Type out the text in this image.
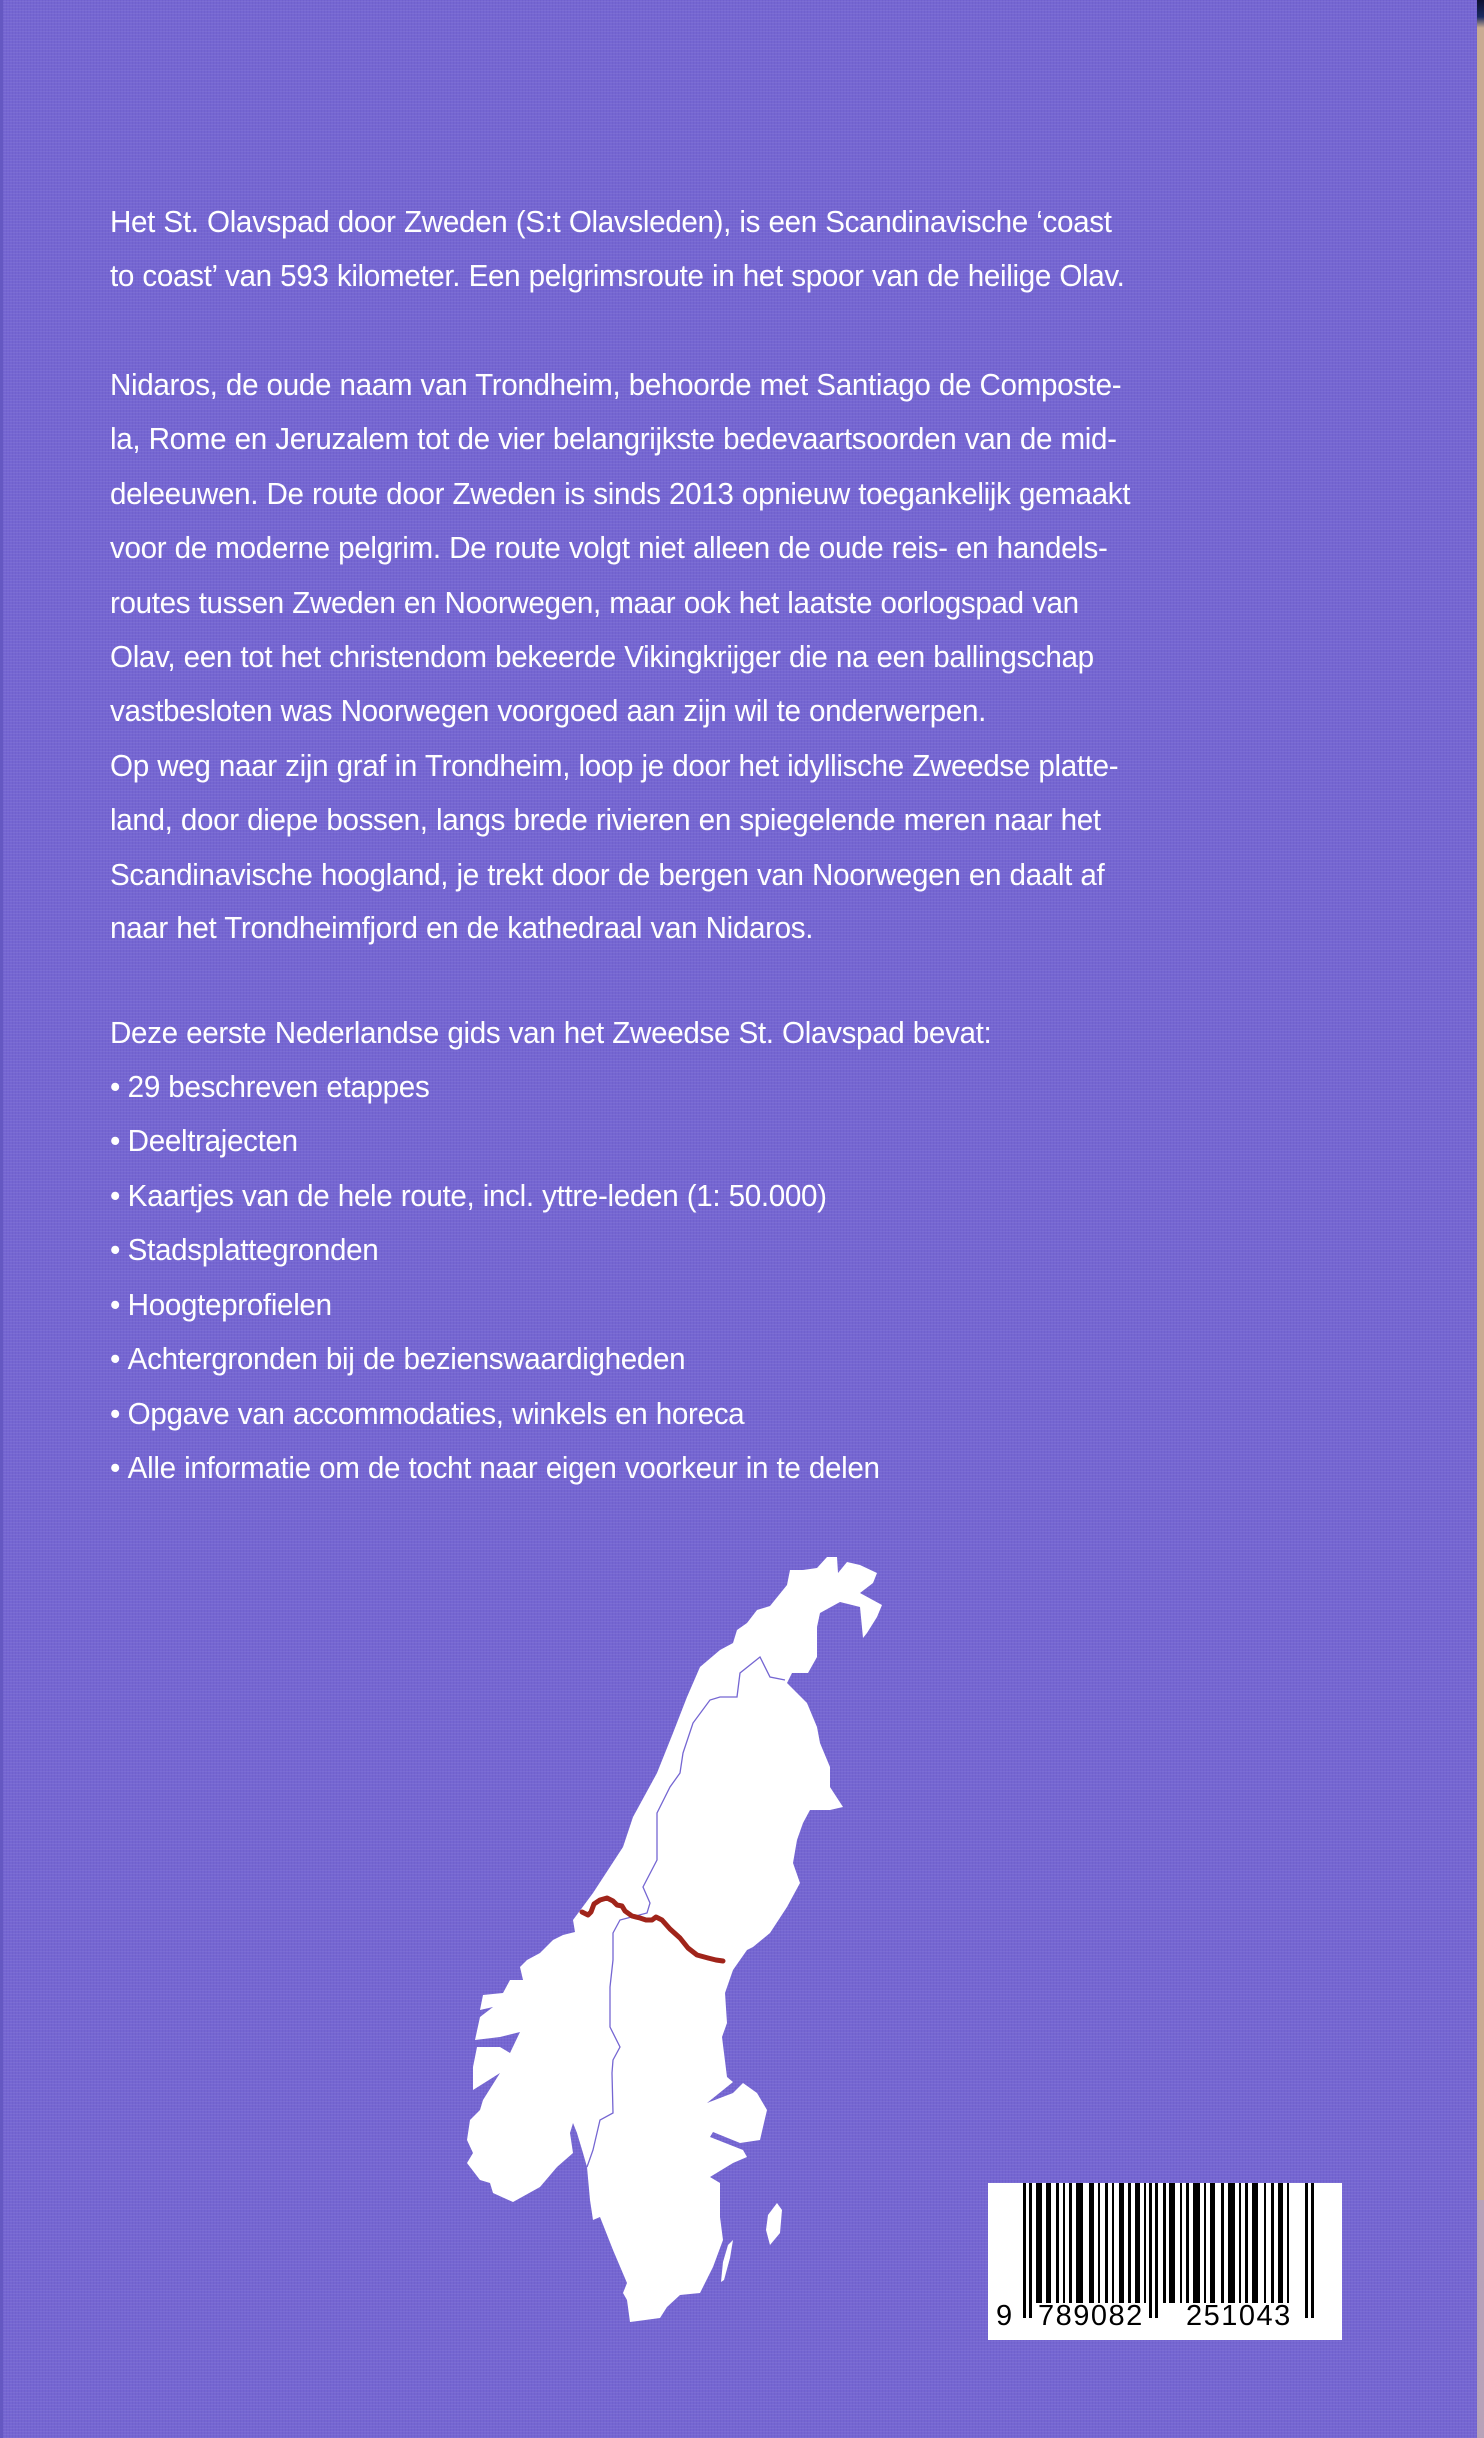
Het St. Olavspad door Zweden (S:t Olavsleden), is een Scandinavische ‘coast
to coast’ van 593 kilometer. Een pelgrimsroute in het spoor van de heilige Olav.
Nidaros, de oude naam van Trondheim, behoorde met Santiago de Composte-
la, Rome en Jeruzalem tot de vier belangrijkste bedevaartsoorden van de mid-
deleeuwen. De route door Zweden is sinds 2013 opnieuw toegankelijk gemaakt
voor de moderne pelgrim. De route volgt niet alleen de oude reis- en handels-
routes tussen Zweden en Noorwegen, maar ook het laatste oorlogspad van
Olav, een tot het christendom bekeerde Vikingkrijger die na een ballingschap
vastbesloten was Noorwegen voorgoed aan zijn wil te onderwerpen.
Op weg naar zijn graf in Trondheim, loop je door het idyllische Zweedse platte-
land, door diepe bossen, langs brede rivieren en spiegelende meren naar het
Scandinavische hoogland, je trekt door de bergen van Noorwegen en daalt af
naar het Trondheimfjord en de kathedraal van Nidaros.
Deze eerste Nederlandse gids van het Zweedse St. Olavspad bevat:
• 29 beschreven etappes
• Deeltrajecten
• Kaartjes van de hele route, incl. yttre-leden (1: 50.000)
• Stadsplattegronden
• Hoogteprofielen
• Achtergronden bij de bezienswaardigheden
• Opgave van accommodaties, winkels en horeca
• Alle informatie om de tocht naar eigen voorkeur in te delen
9 789082 251043
